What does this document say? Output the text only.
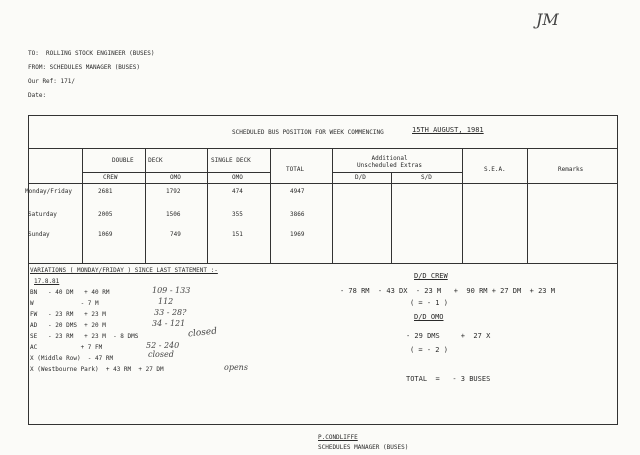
JM
TO:  ROLLING STOCK ENGINEER (BUSES)
FROM: SCHEDULES MANAGER (BUSES)
Our Ref: 171/
Date:
SCHEDULED BUS POSITION FOR WEEK COMMENCING	15TH AUGUST, 1981
DOUBLE    DECK	SINGLE DECK
TOTAL
Additional
Unscheduled Extras
S.E.A.	Remarks
CREW	OMO	OMO	D/D	S/D
Monday/Friday	2681	1792	474	4947
Saturday	2005	1506	355	3866
Sunday	1069	749	151	1969
VARIATIONS ( MONDAY/FRIDAY ) SINCE LAST STATEMENT :-
17.8.81
BN   - 40 DM   + 40 RM	109 - 133
W             - 7 M	112
FW   - 23 RM   + 23 M	33 - 28?
AD   - 20 DMS  + 20 M	34 - 121
SE   - 23 RM   + 23 M  - 8 DMS	closed
AC            + 7 FM	52 - 240
X (Middle Row)  - 47 RM	closed
X (Westbourne Park)  + 43 RM  + 27 DM	opens
D/D CREW
- 78 RM  - 43 DX  - 23 M   +  90 RM + 27 DM  + 23 M
( = - 1 )
D/D OMO
- 29 DMS     +  27 X
( = - 2 )
TOTAL  =   - 3 BUSES
P.CONDLIFFE
SCHEDULES MANAGER (BUSES)
